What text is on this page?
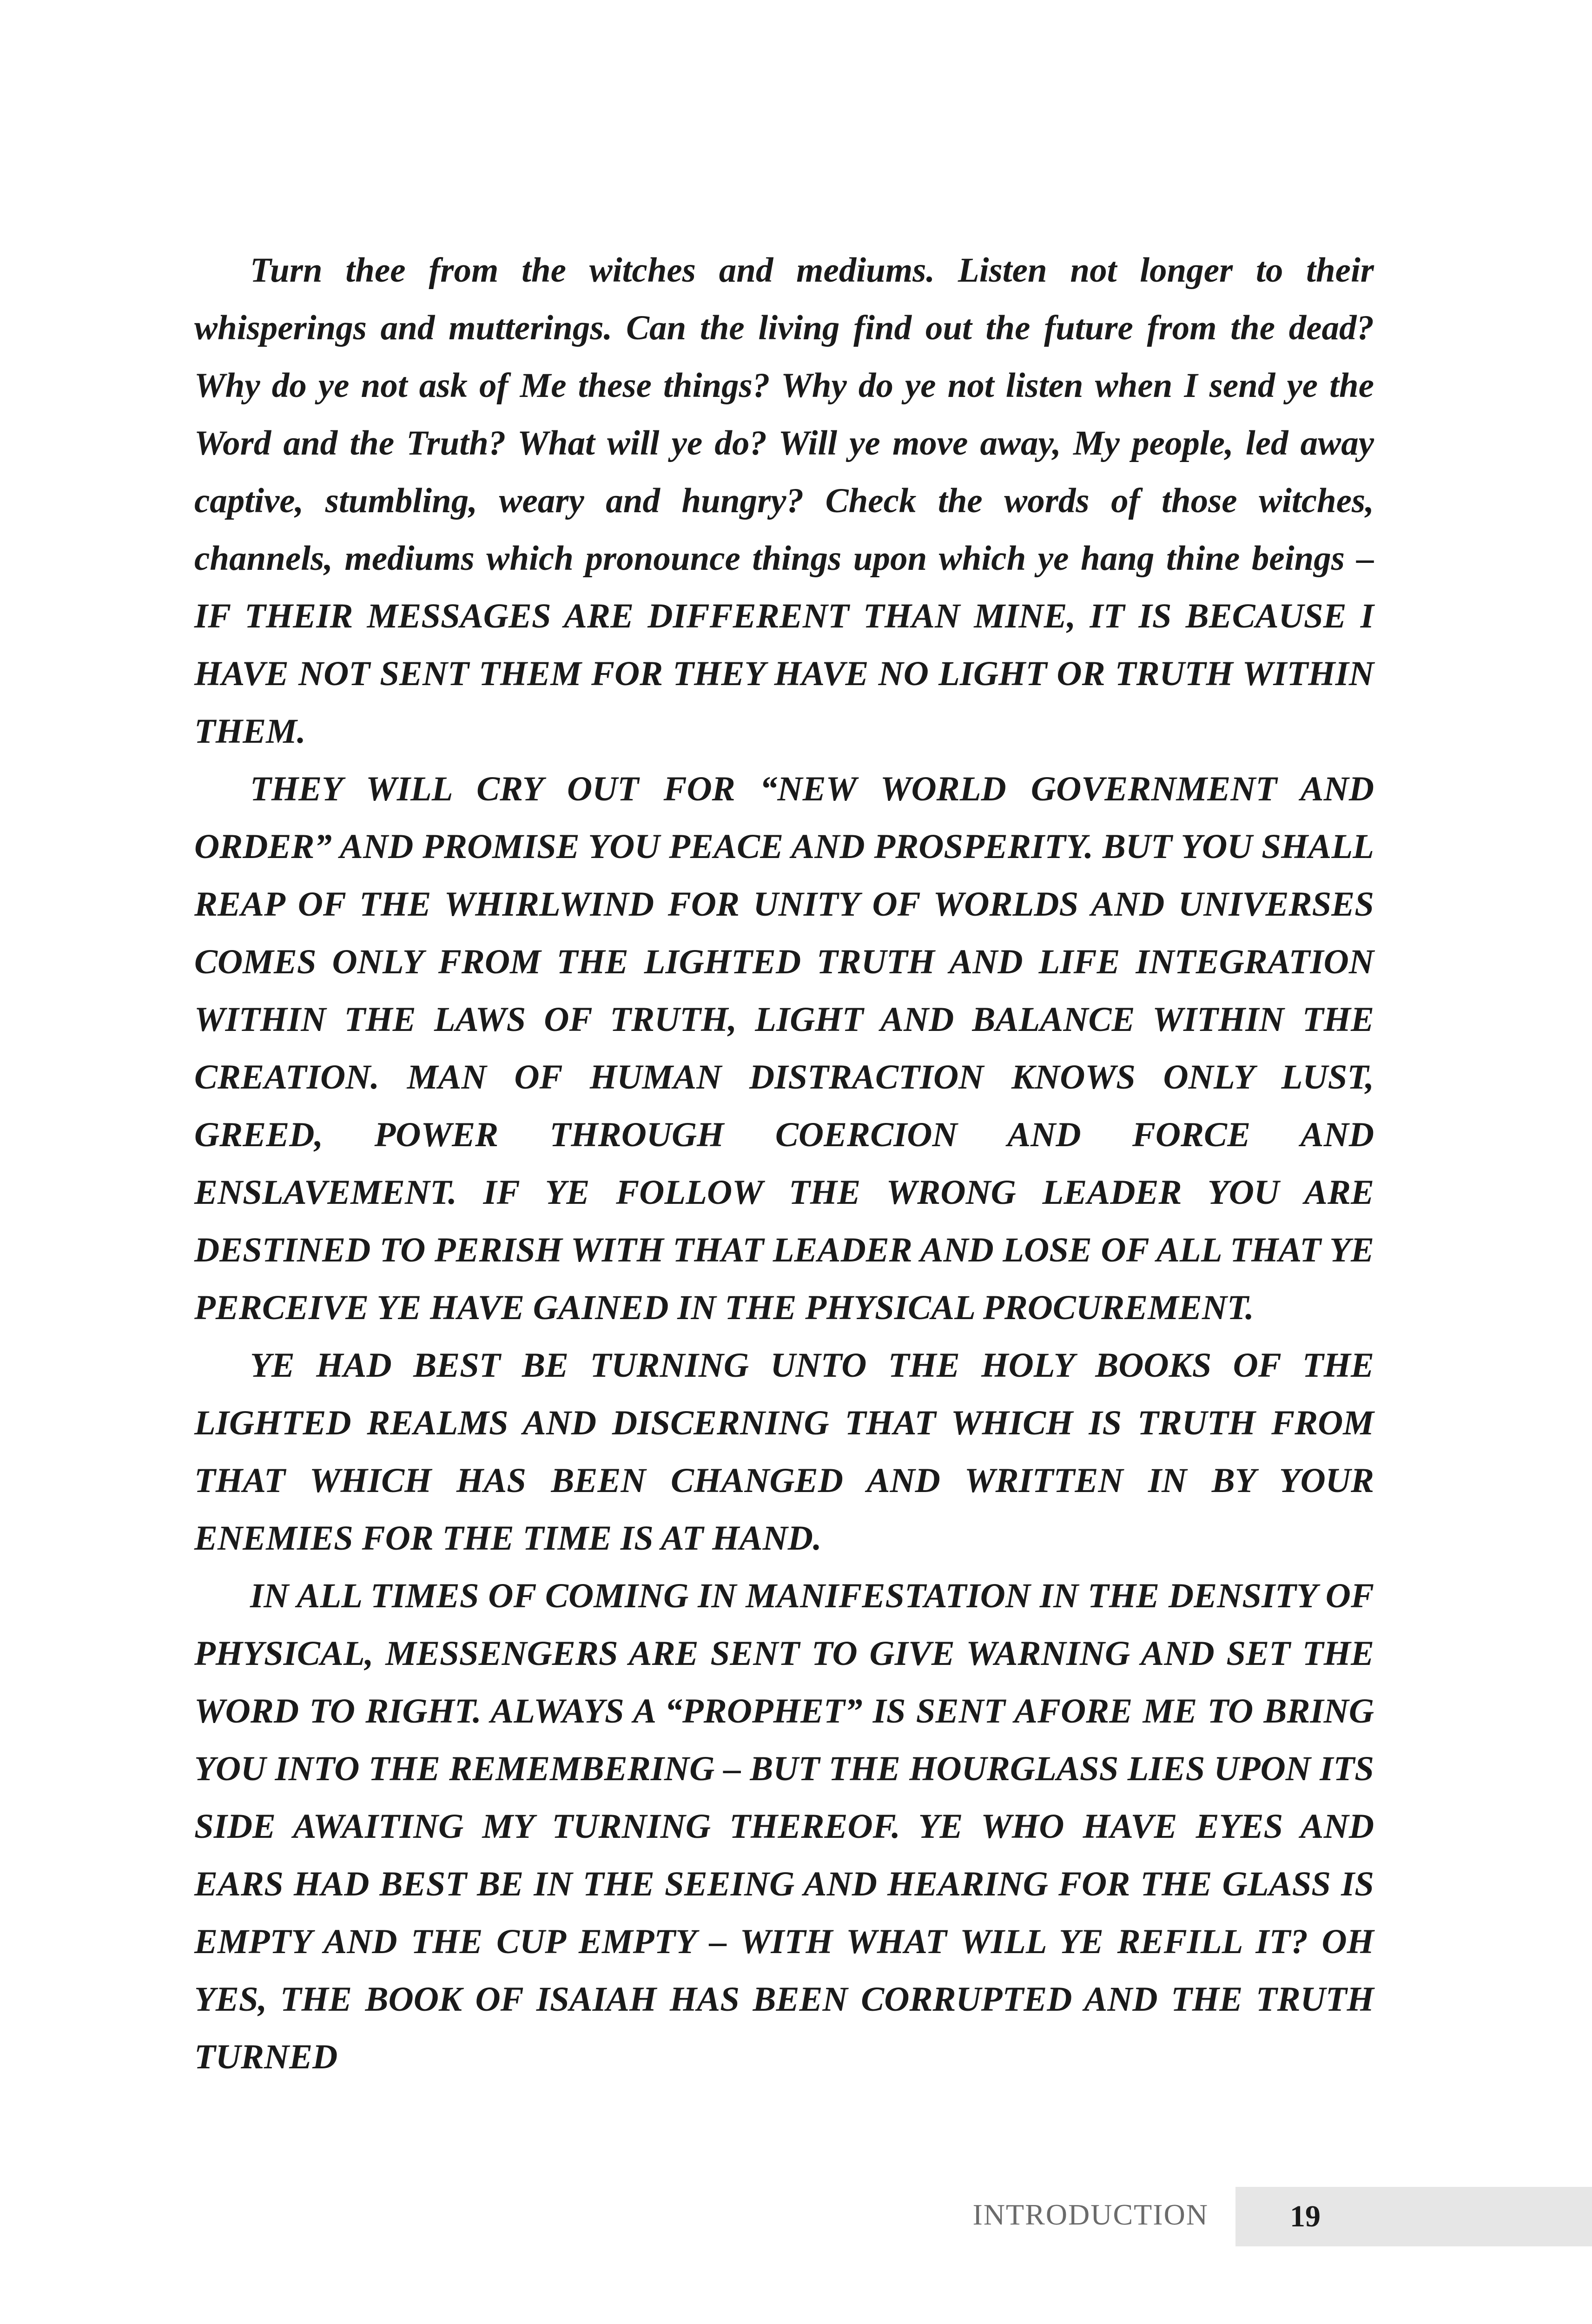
Turn thee from the witches and mediums. Listen not longer to their whisperings and mutterings. Can the living find out the future from the dead? Why do ye not ask of Me these things? Why do ye not listen when I send ye the Word and the Truth? What will ye do? Will ye move away, My people, led away captive, stumbling, weary and hungry? Check the words of those witches, channels, mediums which pronounce things upon which ye hang thine beings – IF THEIR MESSAGES ARE DIFFERENT THAN MINE, IT IS BECAUSE I HAVE NOT SENT THEM FOR THEY HAVE NO LIGHT OR TRUTH WITHIN THEM.

THEY WILL CRY OUT FOR “NEW WORLD GOVERNMENT AND ORDER” AND PROMISE YOU PEACE AND PROSPERITY. BUT YOU SHALL REAP OF THE WHIRLWIND FOR UNITY OF WORLDS AND UNIVERSES COMES ONLY FROM THE LIGHTED TRUTH AND LIFE INTEGRATION WITHIN THE LAWS OF TRUTH, LIGHT AND BALANCE WITHIN THE CREATION. MAN OF HUMAN DISTRACTION KNOWS ONLY LUST, GREED, POWER THROUGH COERCION AND FORCE AND ENSLAVEMENT. IF YE FOLLOW THE WRONG LEADER YOU ARE DESTINED TO PERISH WITH THAT LEADER AND LOSE OF ALL THAT YE PERCEIVE YE HAVE GAINED IN THE PHYSICAL PROCUREMENT.

YE HAD BEST BE TURNING UNTO THE HOLY BOOKS OF THE LIGHTED REALMS AND DISCERNING THAT WHICH IS TRUTH FROM THAT WHICH HAS BEEN CHANGED AND WRITTEN IN BY YOUR ENEMIES FOR THE TIME IS AT HAND.

IN ALL TIMES OF COMING IN MANIFESTATION IN THE DENSITY OF PHYSICAL, MESSENGERS ARE SENT TO GIVE WARNING AND SET THE WORD TO RIGHT. ALWAYS A “PROPHET” IS SENT AFORE ME TO BRING YOU INTO THE REMEMBERING – BUT THE HOURGLASS LIES UPON ITS SIDE AWAITING MY TURNING THEREOF. YE WHO HAVE EYES AND EARS HAD BEST BE IN THE SEEING AND HEARING FOR THE GLASS IS EMPTY AND THE CUP EMPTY – WITH WHAT WILL YE REFILL IT? OH YES, THE BOOK OF ISAIAH HAS BEEN CORRUPTED AND THE TRUTH TURNED

INTRODUCTION	19
